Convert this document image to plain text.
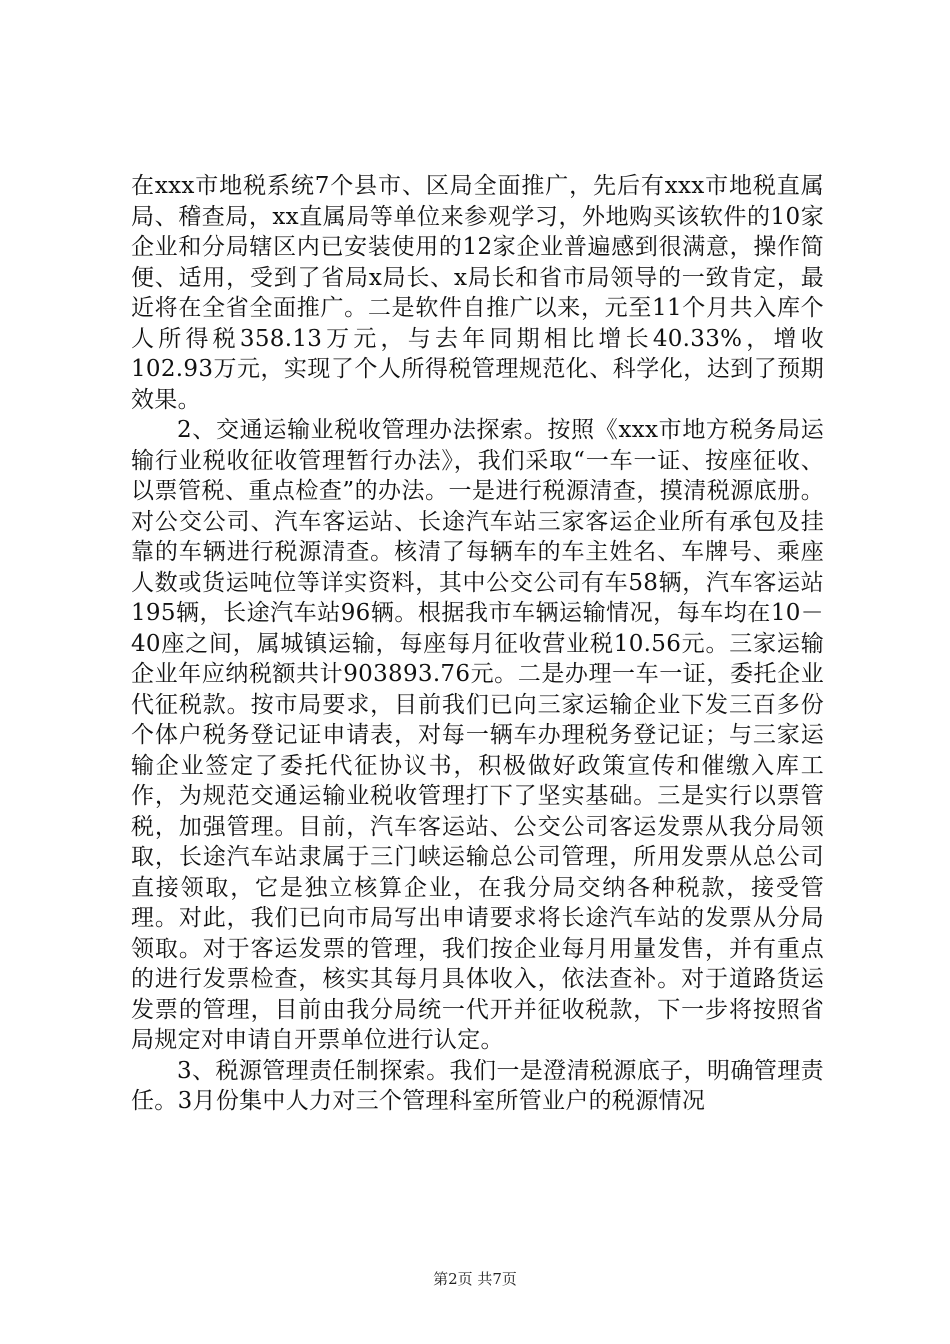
在xxx市地税系统7个县市、区局全面推广，先后有xxx市地税直属局、稽查局，xx直属局等单位来参观学习，外地购买该软件的10家企业和分局辖区内已安装使用的12家企业普遍感到很满意，操作简便、适用，受到了省局x局长、x局长和省市局领导的一致肯定，最近将在全省全面推广。二是软件自推广以来，元至11个月共入库个人所得税358.13万元，与去年同期相比增长40.33%，增收102.93万元，实现了个人所得税管理规范化、科学化，达到了预期效果。

2、交通运输业税收管理办法探索。按照《xxx市地方税务局运输行业税收征收管理暂行办法》，我们采取“一车一证、按座征收、以票管税、重点检查”的办法。一是进行税源清查，摸清税源底册。对公交公司、汽车客运站、长途汽车站三家客运企业所有承包及挂靠的车辆进行税源清查。核清了每辆车的车主姓名、车牌号、乘座人数或货运吨位等详实资料，其中公交公司有车58辆，汽车客运站195辆，长途汽车站96辆。根据我市车辆运输情况，每车均在10－40座之间，属城镇运输，每座每月征收营业税10.56元。三家运输企业年应纳税额共计903893.76元。二是办理一车一证，委托企业代征税款。按市局要求，目前我们已向三家运输企业下发三百多份个体户税务登记证申请表，对每一辆车办理税务登记证；与三家运输企业签定了委托代征协议书，积极做好政策宣传和催缴入库工作，为规范交通运输业税收管理打下了坚实基础。三是实行以票管税，加强管理。目前，汽车客运站、公交公司客运发票从我分局领取，长途汽车站隶属于三门峡运输总公司管理，所用发票从总公司直接领取，它是独立核算企业，在我分局交纳各种税款，接受管理。对此，我们已向市局写出申请要求将长途汽车站的发票从分局领取。对于客运发票的管理，我们按企业每月用量发售，并有重点的进行发票检查，核实其每月具体收入，依法查补。对于道路货运发票的管理，目前由我分局统一代开并征收税款，下一步将按照省局规定对申请自开票单位进行认定。

3、税源管理责任制探索。我们一是澄清税源底子，明确管理责任。3月份集中人力对三个管理科室所管业户的税源情况

第2页 共7页
